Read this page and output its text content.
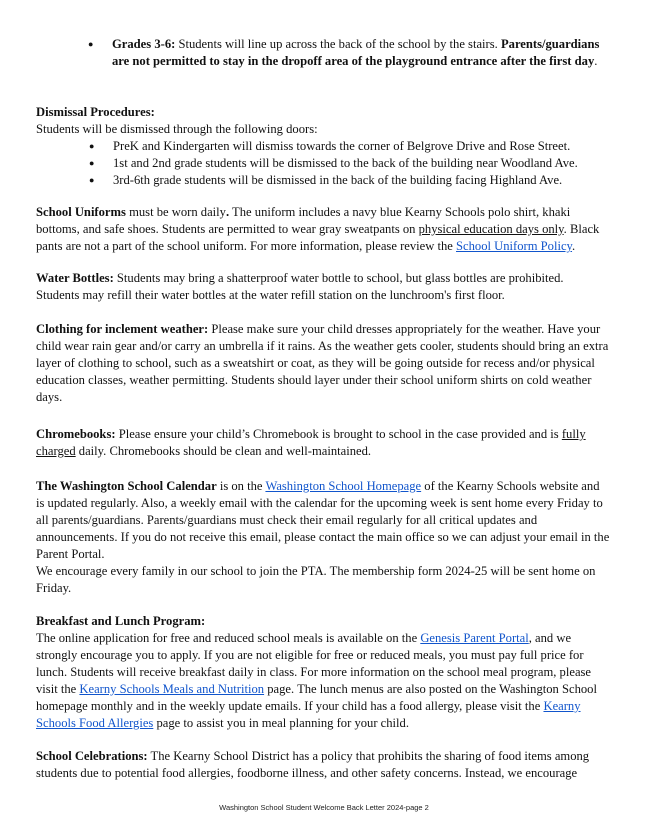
● Grades 3-6: Students will line up across the back of the school by the stairs. Parents/guardians are not permitted to stay in the dropoff area of the playground entrance after the first day.

Dismissal Procedures:

Students will be dismissed through the following doors:

● PreK and Kindergarten will dismiss towards the corner of Belgrove Drive and Rose Street.
● 1st and 2nd grade students will be dismissed to the back of the building near Woodland Ave.
● 3rd-6th grade students will be dismissed in the back of the building facing Highland Ave.

School Uniforms must be worn daily. The uniform includes a navy blue Kearny Schools polo shirt, khaki bottoms, and safe shoes. Students are permitted to wear gray sweatpants on physical education days only. Black pants are not a part of the school uniform. For more information, please review the School Uniform Policy.

Water Bottles: Students may bring a shatterproof water bottle to school, but glass bottles are prohibited. Students may refill their water bottles at the water refill station on the lunchroom's first floor.

Clothing for inclement weather: Please make sure your child dresses appropriately for the weather. Have your child wear rain gear and/or carry an umbrella if it rains. As the weather gets cooler, students should bring an extra layer of clothing to school, such as a sweatshirt or coat, as they will be going outside for recess and/or physical education classes, weather permitting. Students should layer under their school uniform shirts on cold weather days.

Chromebooks: Please ensure your child’s Chromebook is brought to school in the case provided and is fully charged daily. Chromebooks should be clean and well-maintained.

The Washington School Calendar is on the Washington School Homepage of the Kearny Schools website and is updated regularly. Also, a weekly email with the calendar for the upcoming week is sent home every Friday to all parents/guardians. Parents/guardians must check their email regularly for all critical updates and announcements. If you do not receive this email, please contact the main office so we can adjust your email in the Parent Portal.

We encourage every family in our school to join the PTA. The membership form 2024-25 will be sent home on Friday.

Breakfast and Lunch Program:

The online application for free and reduced school meals is available on the Genesis Parent Portal, and we strongly encourage you to apply. If you are not eligible for free or reduced meals, you must pay full price for lunch. Students will receive breakfast daily in class. For more information on the school meal program, please visit the Kearny Schools Meals and Nutrition page. The lunch menus are also posted on the Washington School homepage monthly and in the weekly update emails. If your child has a food allergy, please visit the Kearny Schools Food Allergies page to assist you in meal planning for your child.

School Celebrations: The Kearny School District has a policy that prohibits the sharing of food items among students due to potential food allergies, foodborne illness, and other safety concerns. Instead, we encourage

Washington School Student Welcome Back Letter 2024-page 2
